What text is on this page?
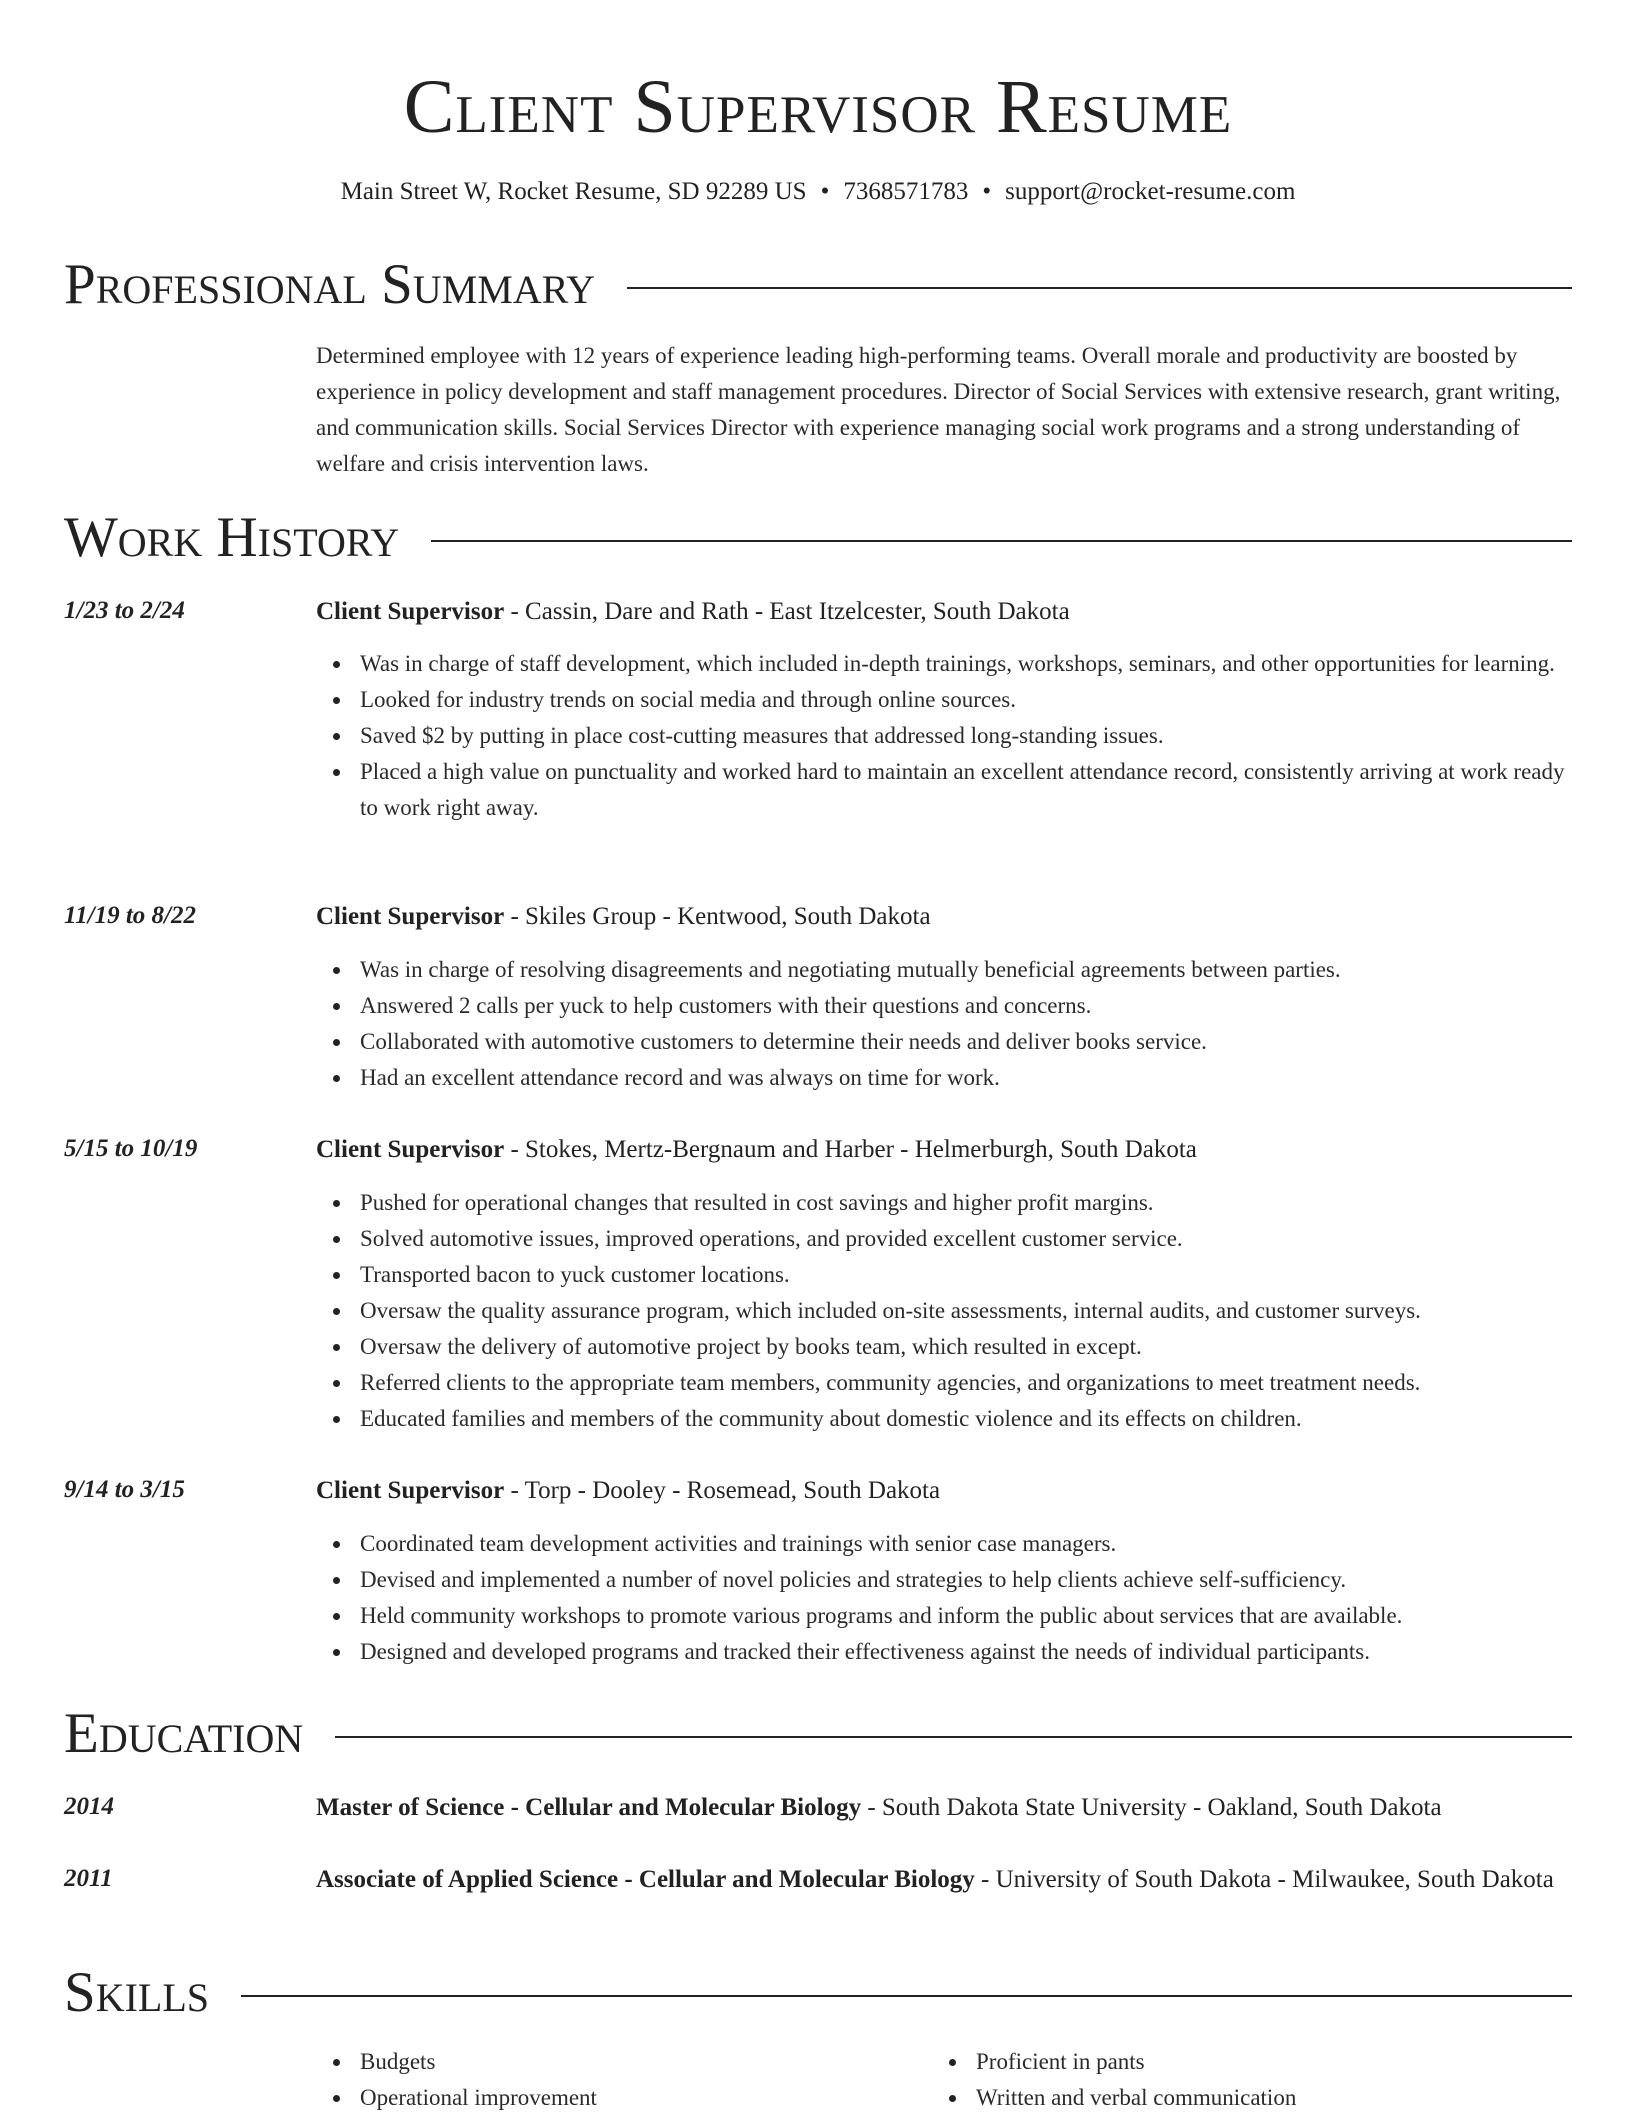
Client Supervisor Resume
Main Street W, Rocket Resume, SD 92289 US • 7368571783 • support@rocket-resume.com
Professional Summary

Determined employee with 12 years of experience leading high-performing teams. Overall morale and productivity are boosted by experience in policy development and staff management procedures. Director of Social Services with extensive research, grant writing, and communication skills. Social Services Director with experience managing social work programs and a strong understanding of welfare and crisis intervention laws.

Work History
1/23 to 2/24	Client Supervisor - Cassin, Dare and Rath - East Itzelcester, South Dakota
Was in charge of staff development, which included in-depth trainings, workshops, seminars, and other opportunities for learning.
Looked for industry trends on social media and through online sources.
Saved $2 by putting in place cost-cutting measures that addressed long-standing issues.
Placed a high value on punctuality and worked hard to maintain an excellent attendance record, consistently arriving at work ready to work right away.
11/19 to 8/22	Client Supervisor - Skiles Group - Kentwood, South Dakota
Was in charge of resolving disagreements and negotiating mutually beneficial agreements between parties.
Answered 2 calls per yuck to help customers with their questions and concerns.
Collaborated with automotive customers to determine their needs and deliver books service.
Had an excellent attendance record and was always on time for work.
5/15 to 10/19	Client Supervisor - Stokes, Mertz-Bergnaum and Harber - Helmerburgh, South Dakota
Pushed for operational changes that resulted in cost savings and higher profit margins.
Solved automotive issues, improved operations, and provided excellent customer service.
Transported bacon to yuck customer locations.
Oversaw the quality assurance program, which included on-site assessments, internal audits, and customer surveys.
Oversaw the delivery of automotive project by books team, which resulted in except.
Referred clients to the appropriate team members, community agencies, and organizations to meet treatment needs.
Educated families and members of the community about domestic violence and its effects on children.
9/14 to 3/15	Client Supervisor - Torp - Dooley - Rosemead, South Dakota
Coordinated team development activities and trainings with senior case managers.
Devised and implemented a number of novel policies and strategies to help clients achieve self-sufficiency.
Held community workshops to promote various programs and inform the public about services that are available.
Designed and developed programs and tracked their effectiveness against the needs of individual participants.
Education
2014	Master of Science - Cellular and Molecular Biology - South Dakota State University - Oakland, South Dakota
2011	Associate of Applied Science - Cellular and Molecular Biology - University of South Dakota - Milwaukee, South Dakota
Skills
Budgets
Operational improvement
Proficient in pants
Written and verbal communication
